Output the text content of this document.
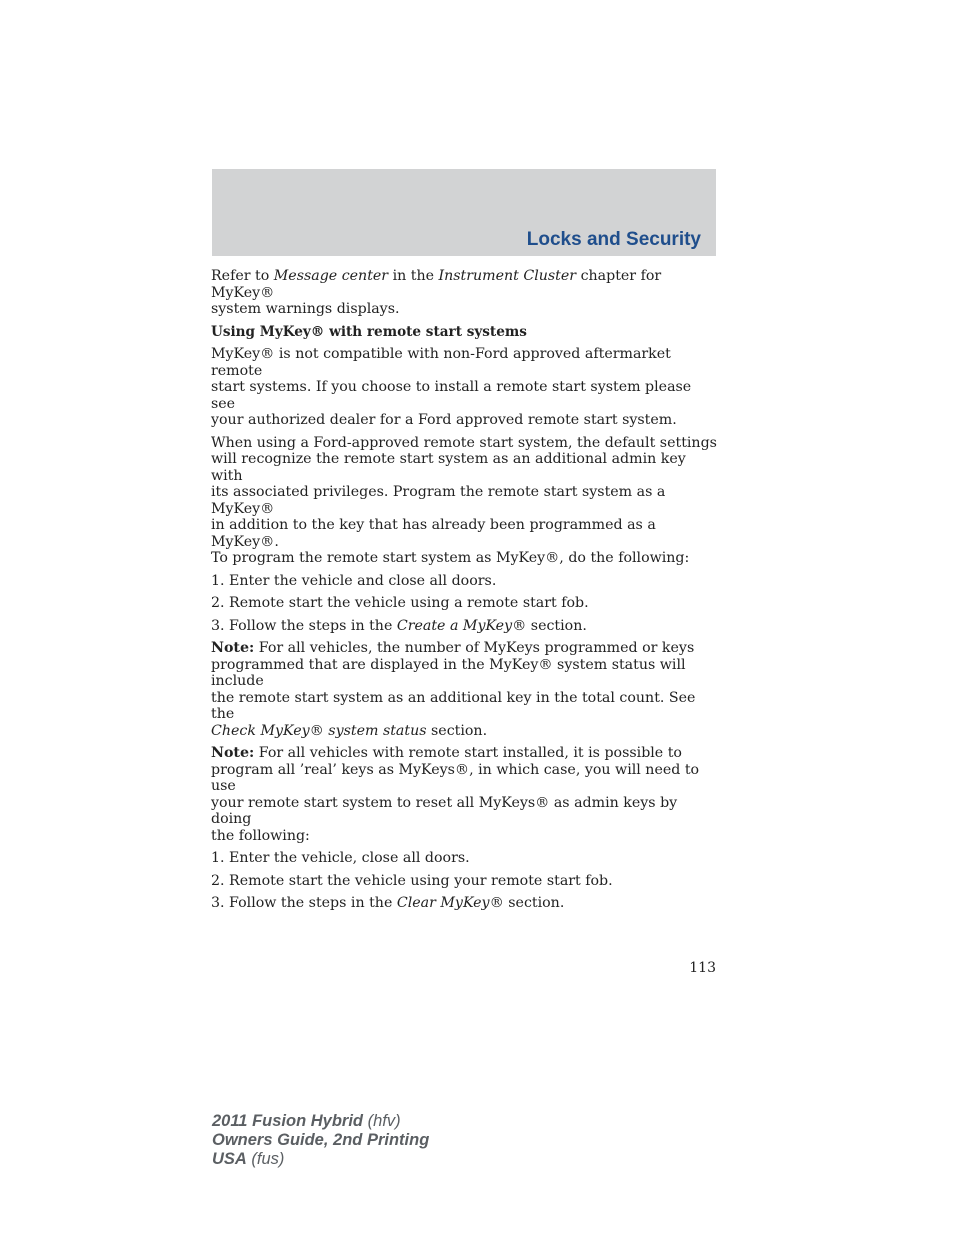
Locks and Security

Refer to Message center in the Instrument Cluster chapter for MyKey®
system warnings displays.

Using MyKey® with remote start systems

MyKey® is not compatible with non-Ford approved aftermarket remote
start systems. If you choose to install a remote start system please see
your authorized dealer for a Ford approved remote start system.

When using a Ford-approved remote start system, the default settings
will recognize the remote start system as an additional admin key with
its associated privileges. Program the remote start system as a MyKey®
in addition to the key that has already been programmed as a MyKey®.
To program the remote start system as MyKey®, do the following:

1. Enter the vehicle and close all doors.

2. Remote start the vehicle using a remote start fob.

3. Follow the steps in the Create a MyKey® section.

Note: For all vehicles, the number of MyKeys programmed or keys
programmed that are displayed in the MyKey® system status will include
the remote start system as an additional key in the total count. See the
Check MyKey® system status section.

Note: For all vehicles with remote start installed, it is possible to
program all ’real’ keys as MyKeys®, in which case, you will need to use
your remote start system to reset all MyKeys® as admin keys by doing
the following:

1. Enter the vehicle, close all doors.

2. Remote start the vehicle using your remote start fob.

3. Follow the steps in the Clear MyKey® section.

113
2011 Fusion Hybrid (hfv)
Owners Guide, 2nd Printing
USA (fus)
